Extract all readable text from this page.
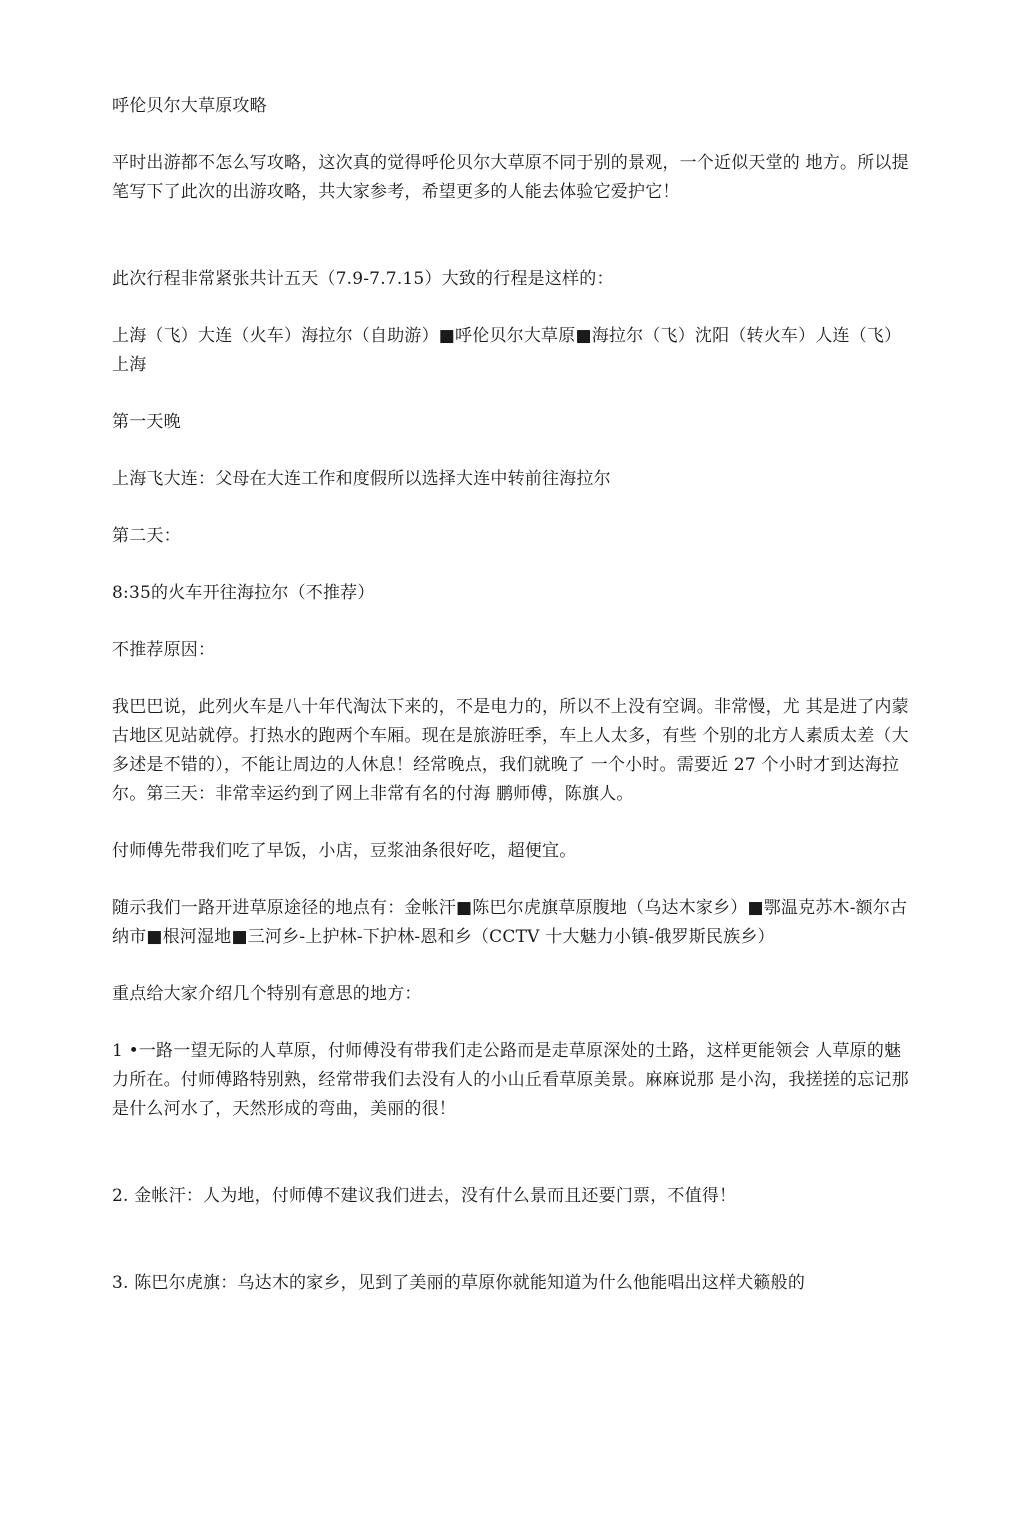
呼伦贝尔大草原攻略

平时出游都不怎么写攻略，这次真的觉得呼伦贝尔大草原不同于别的景观，一个近似天堂的 地方。所以提笔写下了此次的出游攻略，共大家参考，希望更多的人能去体验它爱护它！

此次行程非常紧张共计五天（7.9-7.7.15）大致的行程是这样的：

上海（飞）大连（火车）海拉尔（自助游）■呼伦贝尔大草原■海拉尔（飞）沈阳（转火车）人连（飞）上海

第一天晚

上海飞大连：父母在大连工作和度假所以选择大连中转前往海拉尔

第二天：

8:35的火车开往海拉尔（不推荐）

不推荐原因：

我巴巴说，此列火车是八十年代淘汰下来的，不是电力的，所以不上没有空调。非常慢，尤 其是进了内蒙古地区见站就停。打热水的跑两个车厢。现在是旅游旺季，车上人太多，有些 个别的北方人素质太差（大多述是不错的），不能让周边的人休息！经常晚点，我们就晚了 一个小时。需要近 27 个小时才到达海拉尔。第三天：非常幸运约到了网上非常有名的付海 鹏师傅，陈旗人。

付师傅先带我们吃了早饭，小店，豆浆油条很好吃，超便宜。

随示我们一路开进草原途径的地点有：金帐汗■陈巴尔虎旗草原腹地（乌达木家乡）■鄂温克苏木-额尔古纳市■根河湿地■三河乡-上护林-下护林-恩和乡（CCTV 十大魅力小镇-俄罗斯民族乡）

重点给大家介绍几个特别有意思的地方：

1 •一路一望无际的人草原，付师傅没有带我们走公路而是走草原深处的土路，这样更能领会 人草原的魅力所在。付师傅路特别熟，经常带我们去没有人的小山丘看草原美景。麻麻说那 是小沟，我搓搓的忘记那是什么河水了，天然形成的弯曲，美丽的很！

2. 金帐汗：人为地，付师傅不建议我们进去，没有什么景而且还要门票，不值得！

3. 陈巴尔虎旗：乌达木的家乡，见到了美丽的草原你就能知道为什么他能唱出这样犬籁般的
